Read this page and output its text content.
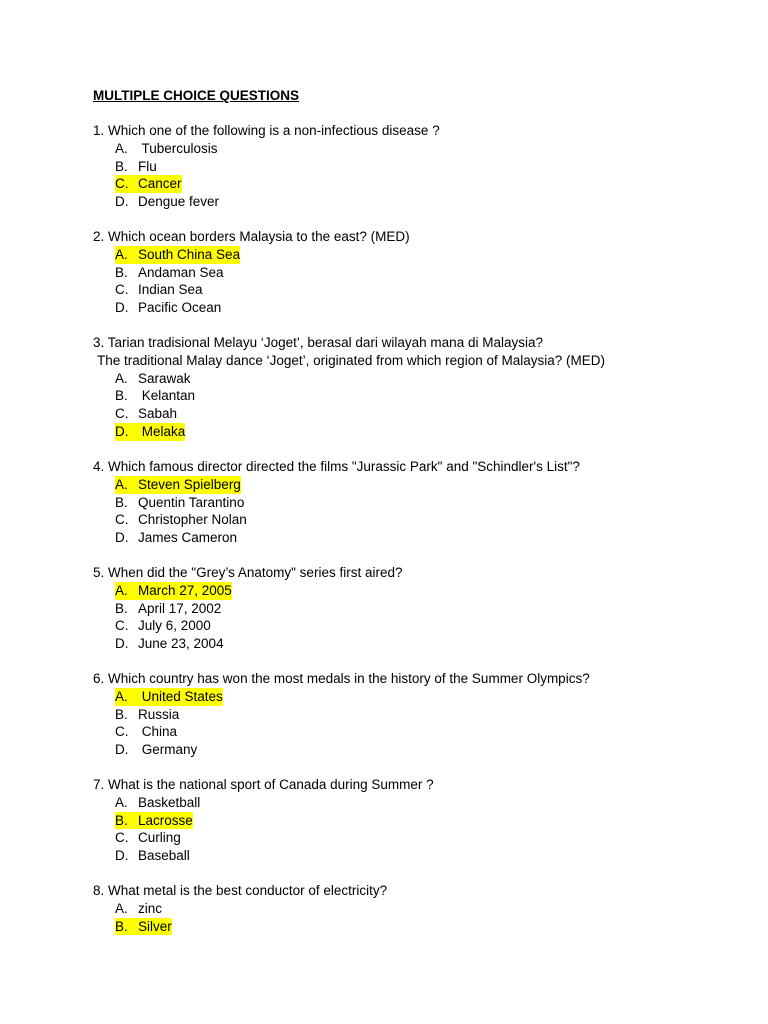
MULTIPLE CHOICE QUESTIONS
1. Which one of the following is a non-infectious disease ?
A. Tuberculosis
B. Flu
C. Cancer
D. Dengue fever
2. Which ocean borders Malaysia to the east? (MED)
A. South China Sea
B. Andaman Sea
C. Indian Sea
D. Pacific Ocean
3. Tarian tradisional Melayu ‘Joget’, berasal dari wilayah mana di Malaysia?
The traditional Malay dance ‘Joget’, originated from which region of Malaysia? (MED)
A. Sarawak
B. Kelantan
C. Sabah
D. Melaka
4. Which famous director directed the films "Jurassic Park" and "Schindler's List"?
A. Steven Spielberg
B. Quentin Tarantino
C. Christopher Nolan
D. James Cameron
5. When did the "Grey’s Anatomy" series first aired?
A. March 27, 2005
B. April 17, 2002
C. July 6, 2000
D. June 23, 2004
6. Which country has won the most medals in the history of the Summer Olympics?
A. United States
B. Russia
C. China
D. Germany
7. What is the national sport of Canada during Summer ?
A. Basketball
B. Lacrosse
C. Curling
D. Baseball
8. What metal is the best conductor of electricity?
A. zinc
B. Silver
